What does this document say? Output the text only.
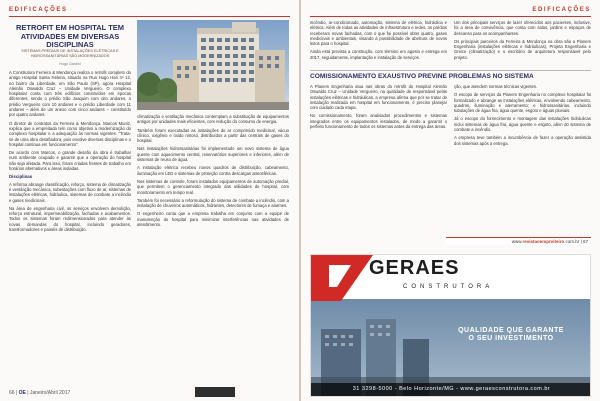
EDIFICAÇÕES
RETROFIT EM HOSPITAL TEM ATIVIDADES EM DIVERSAS DISCIPLINAS
SISTEMAS PREDIAIS DE INSTALAÇÕES ELÉTRICAS E HIDROSSANITÁRIAS SÃO MODERNIZADOS
Hugo Gardini

A Construtora Ferreira & Mendonça realiza o retrofit completo do antigo Hospital Santa Helena, situado na Rua Hugo Hari nº 12, no bairro da Liberdade, em São Paulo (SP), agora Hospital Alemão Oswaldo Cruz – Unidade Vergueiro. O complexo hospitalar conta com três edifícios construídos em épocas diferentes, sendo o prédio São Joaquim com oito andares, o prédio Vergueiro com 10 andares e o prédio Liberdade com 11 andares – além de um anexo com cinco andares – constituído por quatro andares.

O diretor de contratos da Ferreira & Mendonça, Marcos Muniz, explica que a empreitada tem como objetivo a modernização do complexo hospitalar e a adequação às normas vigentes. "Trata-se de uma obra desafiadora, pois envolve diversas disciplinas e o hospital continua em funcionamento".

De acordo com Marcos, o grande desafio da obra é trabalhar num ambiente ocupado e garantir que a operação do hospital não seja afetada. Para isso, foram criadas frentes de trabalho em horários alternativos e áreas isoladas.

Disciplinas

A reforma abrange classificação, reforço, sistema de climatização e ventilação mecânica, subestações com fluxo de ar, sistemas de instalações elétricas, hidráulica, sistemas de combate a incêndio e gases medicinais.

Na área de engenharia civil, os serviços envolvem demolição, reforço estrutural, impermeabilização, fachadas e acabamentos. Todos os sistemas foram redimensionados para atender às novas demandas do hospital, incluindo geradores, transformadores e painéis de distribuição.

climatização e ventilação mecânica contemplam a substituição de equipamentos antigos por unidades mais eficientes, com redução do consumo de energia.

Também foram executadas as instalações de ar comprimido medicinal, vácuo clínico, oxigênio e óxido nitroso, distribuídos a partir das centrais de gases do hospital.

Nas instalações hidrossanitárias foi implementado um novo sistema de água quente com aquecimento central, reservatórios superiores e inferiores, além de sistemas de reuso de água.

A instalação elétrica recebeu novos quadros de distribuição, cabeamento, iluminação em LED e sistemas de proteção contra descargas atmosféricas.

Nos sistemas de controle, foram instalados equipamentos de automação predial, que permitem o gerenciamento integrado das utilidades do hospital, com monitoramento em tempo real.

Também foi necessário a reformulação do sistema de combate a incêndio, com a instalação de chuveiros automáticos, hidrantes, detectores de fumaça e alarmes.

O engenheiro conta que a empresa trabalha em conjunto com a equipe de manutenção do hospital para minimizar interferências nas atividades de atendimento.

66 | OE | Janeiro/Abril 2017
EDIFICAÇÕES

incêndio, ar-condicionado, automação, sistema de elétrica, hidráulica e elétrica. Além de todas as atividades de infraestrutura e redes, os prédios receberam novas fachadas, com o que foi possível obter quatro, gases medicinais e ambientais, visando à possibilidade de abertura de novos leitos para o hospital.

Ainda está prevista a construção, com término em agosto e entrega em 2017, seguidamente, implantação e instalação de serviços.

Um dos principais serviços de lazer oferecidos aos pacientes, inclusive, foi a área de convivência, que conta com salas, jardins e espaços de descanso para os acompanhantes.

Os principais parceiros da Ferreira & Mendonça na obra são a Planem Engenharia (instalações elétricas e hidráulicas), Projeta Engenharia e Greice (climatização) e o escritório de arquitetura responsável pelo projeto.

COMISSIONAMENTO EXAUSTIVO PREVINE PROBLEMAS NO SISTEMA

A Planem Engenharia atua nas obras do retrofit do Hospital Alemão Oswaldo Cruz – Unidade Vergueiro, na qualidade de responsável pelas instalações elétricas e hidráulicas, a empresa afirma que por se tratar de instalação realizada em hospital em funcionamento, é preciso planejar com cuidado cada etapa.

No comissionamento, foram analisados procedimentos e sistemas integrados entre os equipamentos instalados, de modo a garantir o perfeito funcionamento de todos os sistemas antes da entrega das áreas.

ção, que atendem normas técnicas vigentes.

O escopo de serviços da Planem Engenharia no complexo hospitalar foi formalizado e abrange as instalações elétricas, envolvendo cabeamento, quadros, iluminação e aterramento; e hidrossanitárias, incluindo tubulações de água fria, água quente, esgoto e águas pluviais.

Já o escopo do fornecimento e montagem das instalações hidráulicas inclui sistemas de água fria, água quente e esgoto, além do sistema de combate a incêndio.

A empresa teve também a incumbência de fazer a operação assistida dos sistemas após a entrega.

www.revistaoempreiteiro.com.br | 67
GERAES
CONSTRUTORA
QUALIDADE QUE GARANTE
O SEU INVESTIMENTO
31 3298-5000 - Belo Horizonte/MG - www.geraesconstrutora.com.br
